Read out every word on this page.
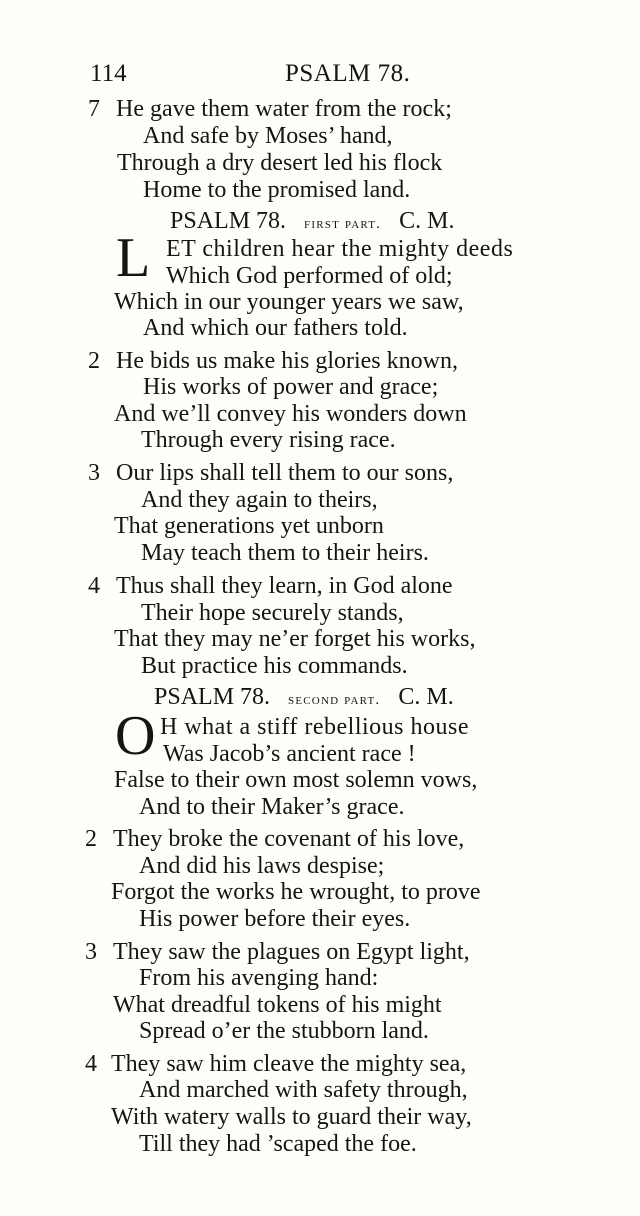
114	PSALM 78.
7 He gave them water from the rock;
And safe by Moses’ hand,
Through a dry desert led his flock
Home to the promised land.
PSALM 78. first part. C. M.
L ET children hear the mighty deeds
Which God performed of old;
Which in our younger years we saw,
And which our fathers told.
2 He bids us make his glories known,
His works of power and grace;
And we’ll convey his wonders down
Through every rising race.
3 Our lips shall tell them to our sons,
And they again to theirs,
That generations yet unborn
May teach them to their heirs.
4 Thus shall they learn, in God alone
Their hope securely stands,
That they may ne’er forget his works,
But practice his commands.
PSALM 78. second part. C. M.
O H what a stiff rebellious house
Was Jacob’s ancient race !
False to their own most solemn vows,
And to their Maker’s grace.
2 They broke the covenant of his love,
And did his laws despise;
Forgot the works he wrought, to prove
His power before their eyes.
3 They saw the plagues on Egypt light,
From his avenging hand:
What dreadful tokens of his might
Spread o’er the stubborn land.
4 They saw him cleave the mighty sea,
And marched with safety through,
With watery walls to guard their way,
Till they had ’scaped the foe.
